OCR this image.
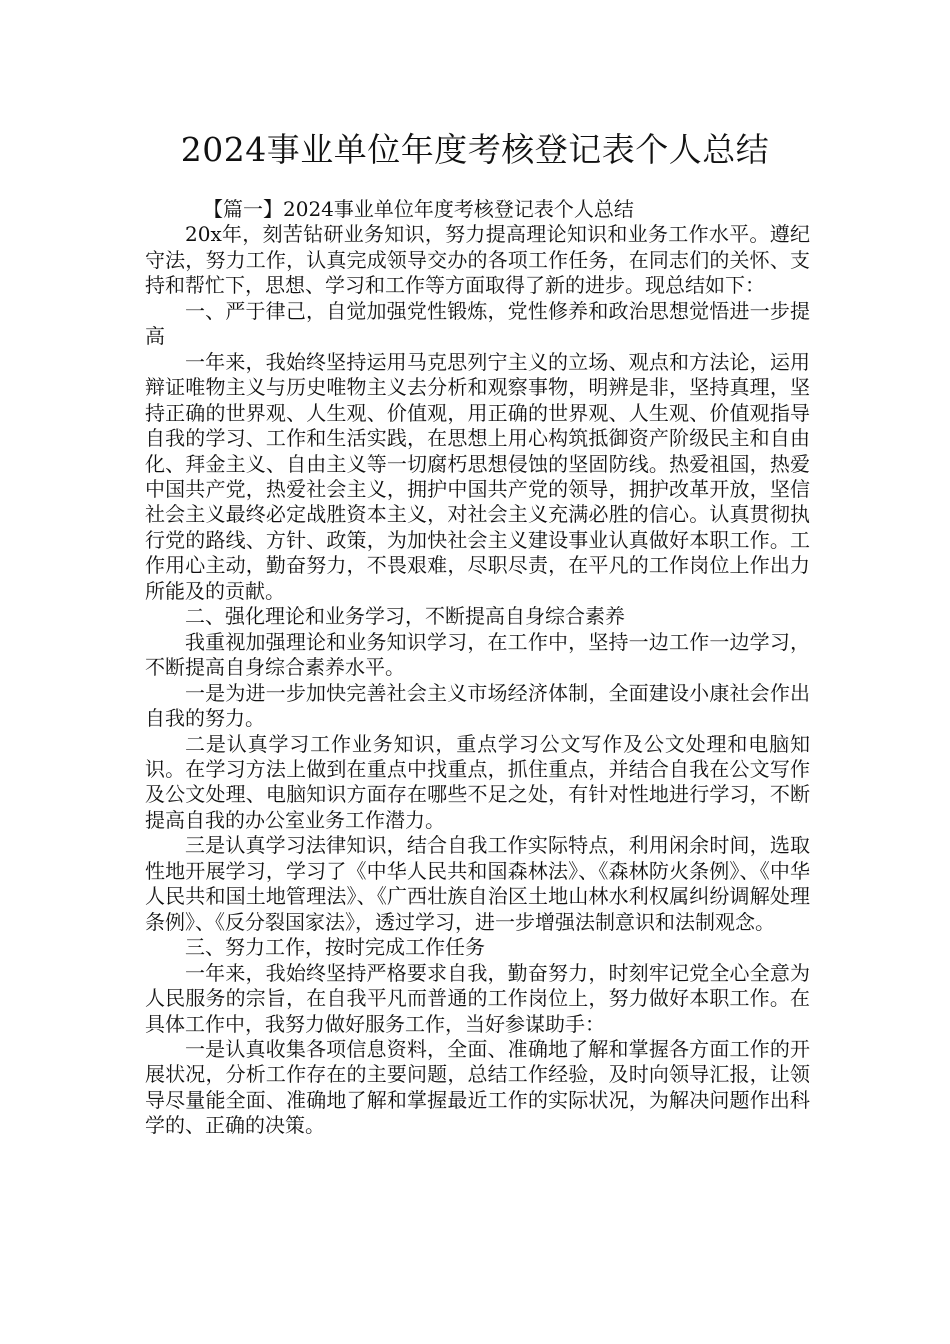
2024事业单位年度考核登记表个人总结

【篇一】2024事业单位年度考核登记表个人总结

20x年，刻苦钻研业务知识，努力提高理论知识和业务工作水平。遵纪守法，努力工作，认真完成领导交办的各项工作任务，在同志们的关怀、支持和帮忙下，思想、学习和工作等方面取得了新的进步。现总结如下：

一、严于律己，自觉加强党性锻炼，党性修养和政治思想觉悟进一步提高

一年来，我始终坚持运用马克思列宁主义的立场、观点和方法论，运用辩证唯物主义与历史唯物主义去分析和观察事物，明辨是非，坚持真理，坚持正确的世界观、人生观、价值观，用正确的世界观、人生观、价值观指导自我的学习、工作和生活实践，在思想上用心构筑抵御资产阶级民主和自由化、拜金主义、自由主义等一切腐朽思想侵蚀的坚固防线。热爱祖国，热爱中国共产党，热爱社会主义，拥护中国共产党的领导，拥护改革开放，坚信社会主义最终必定战胜资本主义，对社会主义充满必胜的信心。认真贯彻执行党的路线、方针、政策，为加快社会主义建设事业认真做好本职工作。工作用心主动，勤奋努力，不畏艰难，尽职尽责，在平凡的工作岗位上作出力所能及的贡献。

二、强化理论和业务学习，不断提高自身综合素养

我重视加强理论和业务知识学习，在工作中，坚持一边工作一边学习，不断提高自身综合素养水平。

一是为进一步加快完善社会主义市场经济体制，全面建设小康社会作出自我的努力。

二是认真学习工作业务知识，重点学习公文写作及公文处理和电脑知识。在学习方法上做到在重点中找重点，抓住重点，并结合自我在公文写作及公文处理、电脑知识方面存在哪些不足之处，有针对性地进行学习，不断提高自我的办公室业务工作潜力。

三是认真学习法律知识，结合自我工作实际特点，利用闲余时间，选取性地开展学习，学习了《中华人民共和国森林法》、《森林防火条例》、《中华人民共和国土地管理法》、《广西壮族自治区土地山林水利权属纠纷调解处理条例》、《反分裂国家法》，透过学习，进一步增强法制意识和法制观念。

三、努力工作，按时完成工作任务

一年来，我始终坚持严格要求自我，勤奋努力，时刻牢记党全心全意为人民服务的宗旨，在自我平凡而普通的工作岗位上，努力做好本职工作。在具体工作中，我努力做好服务工作，当好参谋助手：

一是认真收集各项信息资料，全面、准确地了解和掌握各方面工作的开展状况，分析工作存在的主要问题，总结工作经验，及时向领导汇报，让领导尽量能全面、准确地了解和掌握最近工作的实际状况，为解决问题作出科学的、正确的决策。
